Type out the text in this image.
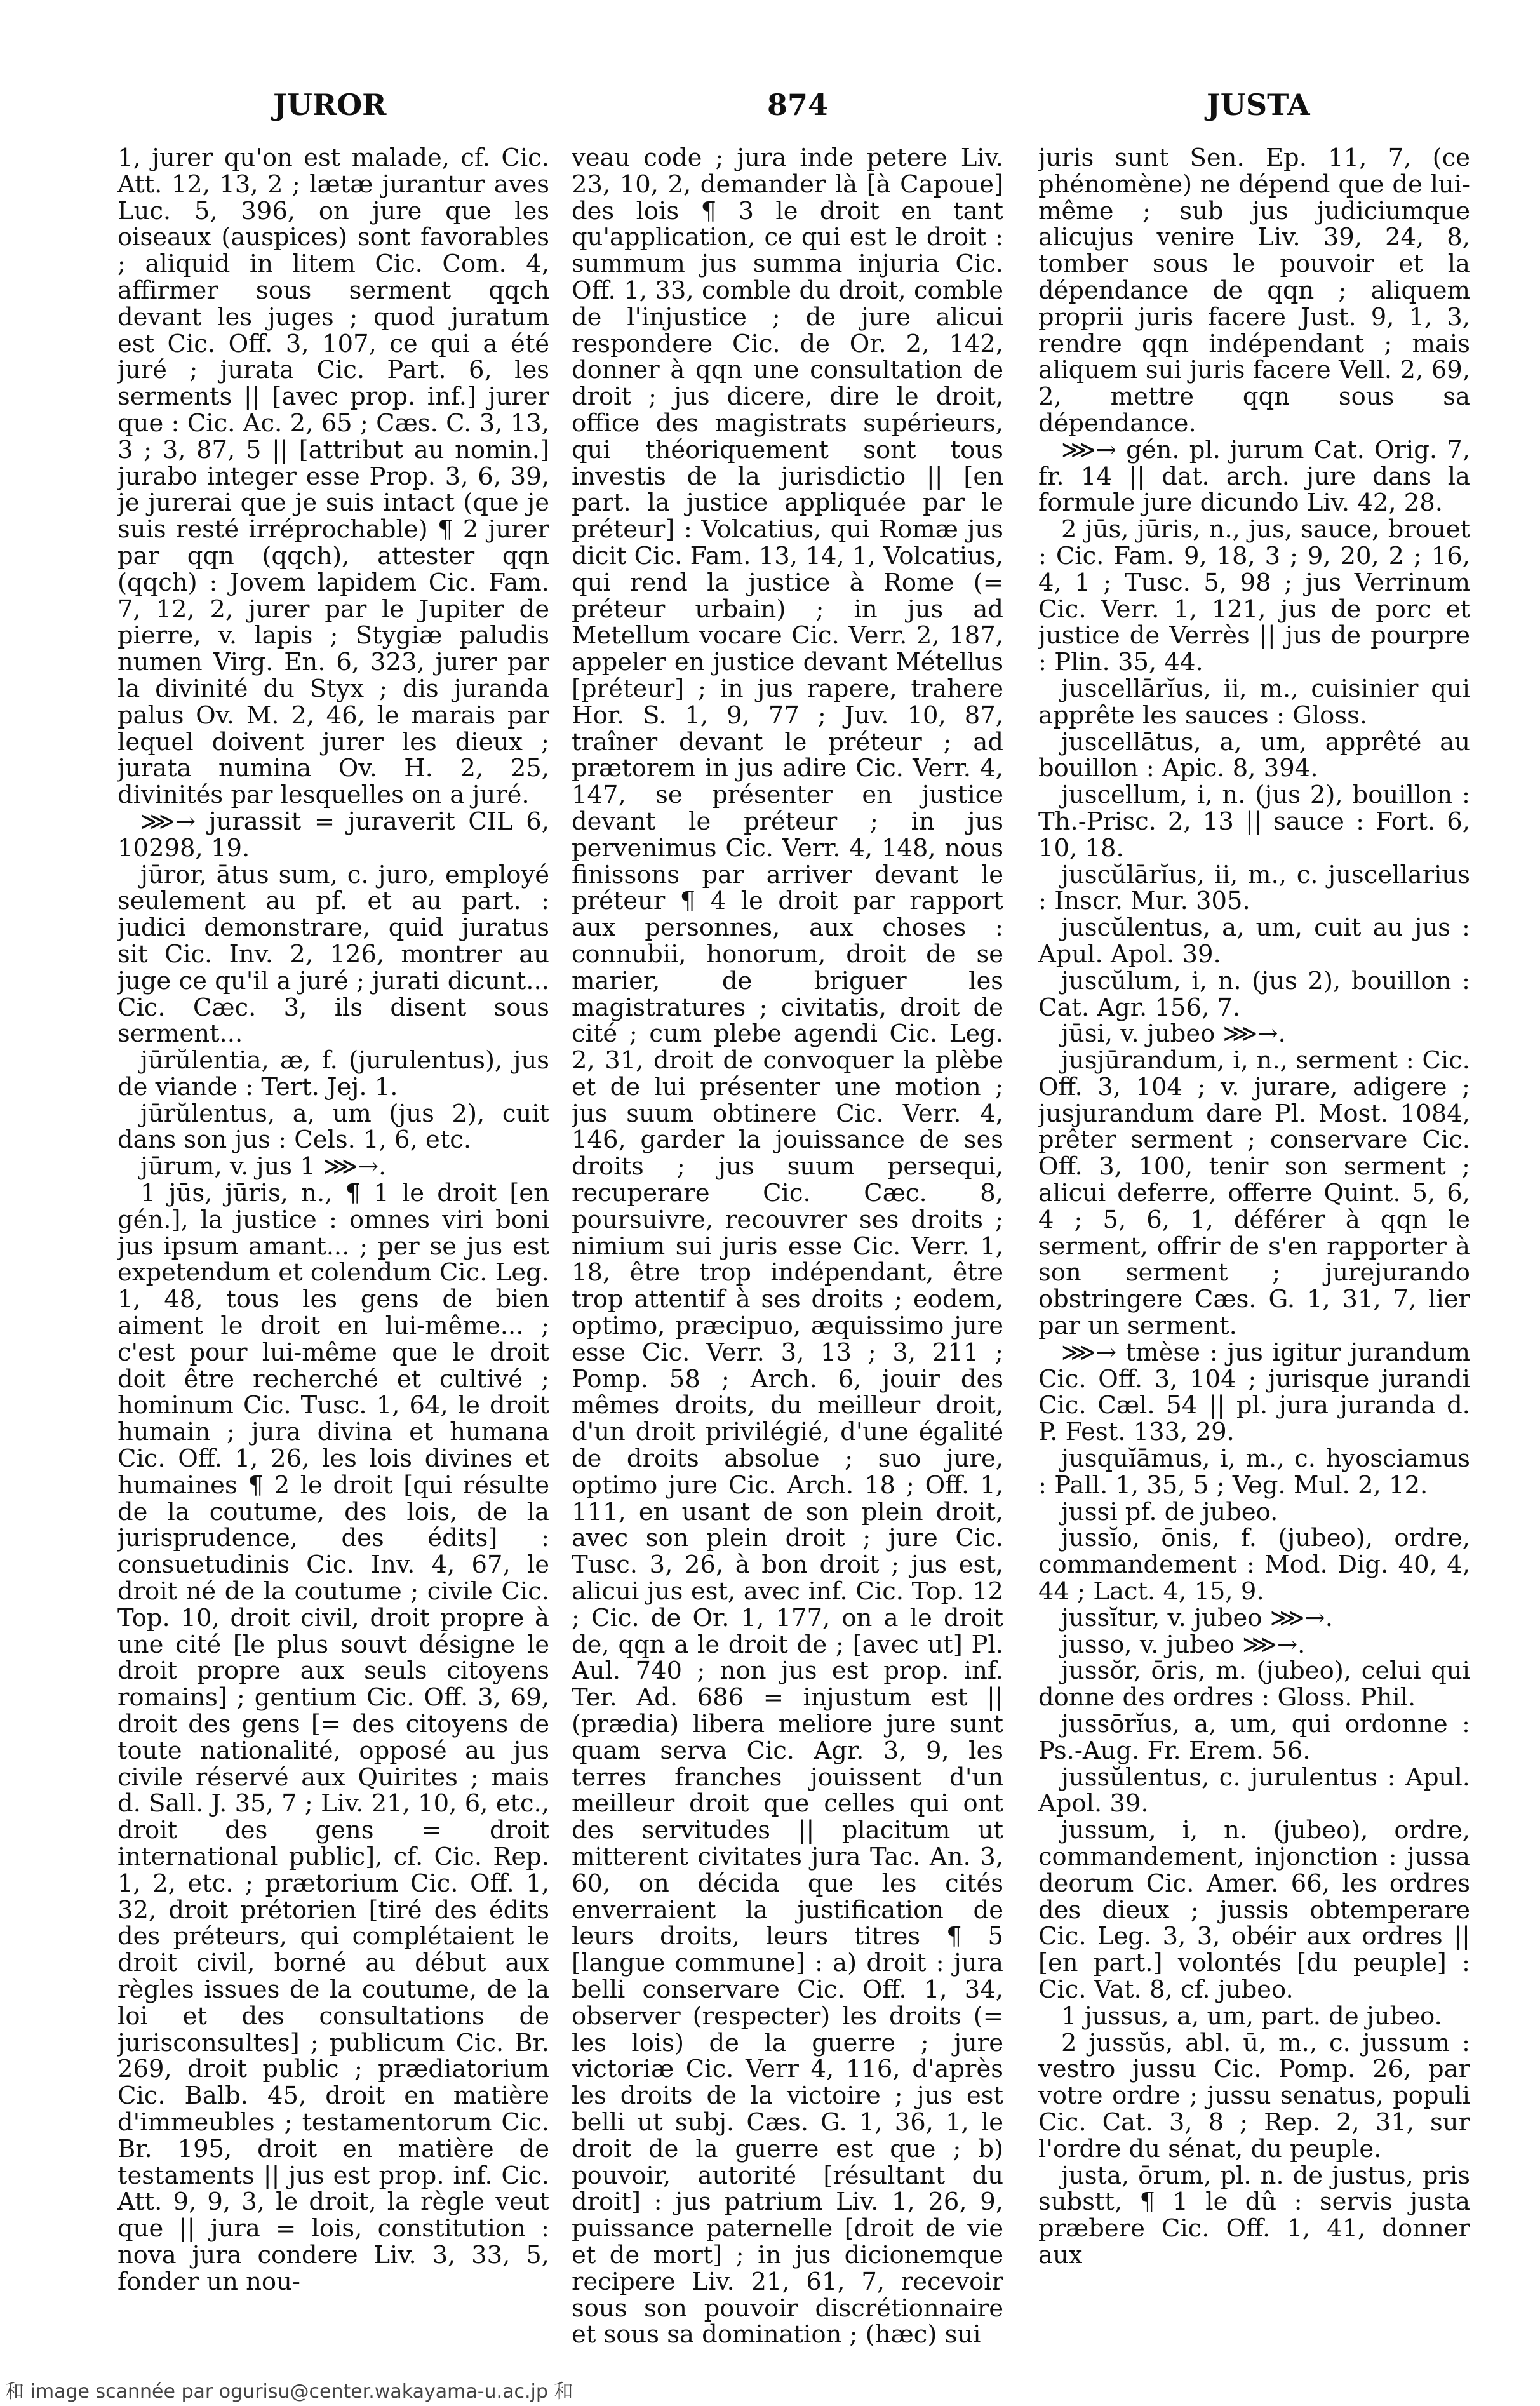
JUROR	874	JUSTA

1, jurer qu'on est malade, cf. Cic. Att. 12, 13, 2 ; lætæ jurantur aves Luc. 5, 396, on jure que les oiseaux (auspices) sont favorables ; aliquid in litem Cic. Com. 4, affirmer sous serment qqch devant les juges ; quod juratum est Cic. Off. 3, 107, ce qui a été juré ; jurata Cic. Part. 6, les serments || [avec prop. inf.] jurer que : Cic. Ac. 2, 65 ; Cæs. C. 3, 13, 3 ; 3, 87, 5 || [attribut au nomin.] jurabo integer esse Prop. 3, 6, 39, je jurerai que je suis intact (que je suis resté irréprochable) ¶ 2 jurer par qqn (qqch), attester qqn (qqch) : Jovem lapidem Cic. Fam. 7, 12, 2, jurer par le Jupiter de pierre, v. lapis ; Stygiæ paludis numen Virg. En. 6, 323, jurer par la divinité du Styx ; dis juranda palus Ov. M. 2, 46, le marais par lequel doivent jurer les dieux ; jurata numina Ov. H. 2, 25, divinités par lesquelles on a juré.

⋙→ jurassit = juraverit CIL 6, 10298, 19.

jūror, ātus sum, c. juro, employé seulement au pf. et au part. : judici demonstrare, quid juratus sit Cic. Inv. 2, 126, montrer au juge ce qu'il a juré ; jurati dicunt... Cic. Cæc. 3, ils disent sous serment...

jūrŭlentia, æ, f. (jurulentus), jus de viande : Tert. Jej. 1.

jūrŭlentus, a, um (jus 2), cuit dans son jus : Cels. 1, 6, etc.

jūrum, v. jus 1 ⋙→.

1 jūs, jūris, n., ¶ 1 le droit [en gén.], la justice : omnes viri boni jus ipsum amant... ; per se jus est expetendum et colendum Cic. Leg. 1, 48, tous les gens de bien aiment le droit en lui-même... ; c'est pour lui-même que le droit doit être recherché et cultivé ; hominum Cic. Tusc. 1, 64, le droit humain ; jura divina et humana Cic. Off. 1, 26, les lois divines et humaines ¶ 2 le droit [qui résulte de la coutume, des lois, de la jurisprudence, des édits] : consuetudinis Cic. Inv. 4, 67, le droit né de la coutume ; civile Cic. Top. 10, droit civil, droit propre à une cité [le plus souvt désigne le droit propre aux seuls citoyens romains] ; gentium Cic. Off. 3, 69, droit des gens [= des citoyens de toute nationalité, opposé au jus civile réservé aux Quirites ; mais d. Sall. J. 35, 7 ; Liv. 21, 10, 6, etc., droit des gens = droit international public], cf. Cic. Rep. 1, 2, etc. ; prætorium Cic. Off. 1, 32, droit prétorien [tiré des édits des préteurs, qui complétaient le droit civil, borné au début aux règles issues de la coutume, de la loi et des consultations de jurisconsultes] ; publicum Cic. Br. 269, droit public ; prædiatorium Cic. Balb. 45, droit en matière d'immeubles ; testamentorum Cic. Br. 195, droit en matière de testaments || jus est prop. inf. Cic. Att. 9, 9, 3, le droit, la règle veut que || jura = lois, constitution : nova jura condere Liv. 3, 33, 5, fonder un nou-

veau code ; jura inde petere Liv. 23, 10, 2, demander là [à Capoue] des lois ¶ 3 le droit en tant qu'application, ce qui est le droit : summum jus summa injuria Cic. Off. 1, 33, comble du droit, comble de l'injustice ; de jure alicui respondere Cic. de Or. 2, 142, donner à qqn une consultation de droit ; jus dicere, dire le droit, office des magistrats supérieurs, qui théoriquement sont tous investis de la jurisdictio || [en part. la justice appliquée par le préteur] : Volcatius, qui Romæ jus dicit Cic. Fam. 13, 14, 1, Volcatius, qui rend la justice à Rome (= préteur urbain) ; in jus ad Metellum vocare Cic. Verr. 2, 187, appeler en justice devant Métellus [préteur] ; in jus rapere, trahere Hor. S. 1, 9, 77 ; Juv. 10, 87, traîner devant le préteur ; ad prætorem in jus adire Cic. Verr. 4, 147, se présenter en justice devant le préteur ; in jus pervenimus Cic. Verr. 4, 148, nous finissons par arriver devant le préteur ¶ 4 le droit par rapport aux personnes, aux choses : connubii, honorum, droit de se marier, de briguer les magistratures ; civitatis, droit de cité ; cum plebe agendi Cic. Leg. 2, 31, droit de convoquer la plèbe et de lui présenter une motion ; jus suum obtinere Cic. Verr. 4, 146, garder la jouissance de ses droits ; jus suum persequi, recuperare Cic. Cæc. 8, poursuivre, recouvrer ses droits ; nimium sui juris esse Cic. Verr. 1, 18, être trop indépendant, être trop attentif à ses droits ; eodem, optimo, præcipuo, æquissimo jure esse Cic. Verr. 3, 13 ; 3, 211 ; Pomp. 58 ; Arch. 6, jouir des mêmes droits, du meilleur droit, d'un droit privilégié, d'une égalité de droits absolue ; suo jure, optimo jure Cic. Arch. 18 ; Off. 1, 111, en usant de son plein droit, avec son plein droit ; jure Cic. Tusc. 3, 26, à bon droit ; jus est, alicui jus est, avec inf. Cic. Top. 12 ; Cic. de Or. 1, 177, on a le droit de, qqn a le droit de ; [avec ut] Pl. Aul. 740 ; non jus est prop. inf. Ter. Ad. 686 = injustum est || (prædia) libera meliore jure sunt quam serva Cic. Agr. 3, 9, les terres franches jouissent d'un meilleur droit que celles qui ont des servitudes || placitum ut mitterent civitates jura Tac. An. 3, 60, on décida que les cités enverraient la justification de leurs droits, leurs titres ¶ 5 [langue commune] : a) droit : jura belli conservare Cic. Off. 1, 34, observer (respecter) les droits (= les lois) de la guerre ; jure victoriæ Cic. Verr 4, 116, d'après les droits de la victoire ; jus est belli ut subj. Cæs. G. 1, 36, 1, le droit de la guerre est que ; b) pouvoir, autorité [résultant du droit] : jus patrium Liv. 1, 26, 9, puissance paternelle [droit de vie et de mort] ; in jus dicionemque recipere Liv. 21, 61, 7, recevoir sous son pouvoir discrétionnaire et sous sa domination ; (hæc) sui

juris sunt Sen. Ep. 11, 7, (ce phénomène) ne dépend que de lui-même ; sub jus judiciumque alicujus venire Liv. 39, 24, 8, tomber sous le pouvoir et la dépendance de qqn ; aliquem proprii juris facere Just. 9, 1, 3, rendre qqn indépendant ; mais aliquem sui juris facere Vell. 2, 69, 2, mettre qqn sous sa dépendance.

⋙→ gén. pl. jurum Cat. Orig. 7, fr. 14 || dat. arch. jure dans la formule jure dicundo Liv. 42, 28.

2 jūs, jūris, n., jus, sauce, brouet : Cic. Fam. 9, 18, 3 ; 9, 20, 2 ; 16, 4, 1 ; Tusc. 5, 98 ; jus Verrinum Cic. Verr. 1, 121, jus de porc et justice de Verrès || jus de pourpre : Plin. 35, 44.

juscellārĭus, ii, m., cuisinier qui apprête les sauces : Gloss.

juscellātus, a, um, apprêté au bouillon : Apic. 8, 394.

juscellum, i, n. (jus 2), bouillon : Th.-Prisc. 2, 13 || sauce : Fort. 6, 10, 18.

juscŭlārĭus, ii, m., c. juscellarius : Inscr. Mur. 305.

juscŭlentus, a, um, cuit au jus : Apul. Apol. 39.

juscŭlum, i, n. (jus 2), bouillon : Cat. Agr. 156, 7.

jūsi, v. jubeo ⋙→.

jusjūrandum, i, n., serment : Cic. Off. 3, 104 ; v. jurare, adigere ; jusjurandum dare Pl. Most. 1084, prêter serment ; conservare Cic. Off. 3, 100, tenir son serment ; alicui deferre, offerre Quint. 5, 6, 4 ; 5, 6, 1, déférer à qqn le serment, offrir de s'en rapporter à son serment ; jurejurando obstringere Cæs. G. 1, 31, 7, lier par un serment.

⋙→ tmèse : jus igitur jurandum Cic. Off. 3, 104 ; jurisque jurandi Cic. Cæl. 54 || pl. jura juranda d. P. Fest. 133, 29.

jusquĭāmus, i, m., c. hyosciamus : Pall. 1, 35, 5 ; Veg. Mul. 2, 12.

jussi pf. de jubeo.

jussĭo, ōnis, f. (jubeo), ordre, commandement : Mod. Dig. 40, 4, 44 ; Lact. 4, 15, 9.

jussĭtur, v. jubeo ⋙→.

jusso, v. jubeo ⋙→.

jussŏr, ōris, m. (jubeo), celui qui donne des ordres : Gloss. Phil.

jussōrĭus, a, um, qui ordonne : Ps.-Aug. Fr. Erem. 56.

jussŭlentus, c. jurulentus : Apul. Apol. 39.

jussum, i, n. (jubeo), ordre, commandement, injonction : jussa deorum Cic. Amer. 66, les ordres des dieux ; jussis obtemperare Cic. Leg. 3, 3, obéir aux ordres || [en part.] volontés [du peuple] : Cic. Vat. 8, cf. jubeo.

1 jussus, a, um, part. de jubeo.

2 jussŭs, abl. ū, m., c. jussum : vestro jussu Cic. Pomp. 26, par votre ordre ; jussu senatus, populi Cic. Cat. 3, 8 ; Rep. 2, 31, sur l'ordre du sénat, du peuple.

justa, ōrum, pl. n. de justus, pris substt, ¶ 1 le dû : servis justa præbere Cic. Off. 1, 41, donner aux

和 image scannée par ogurisu@center.wakayama-u.ac.jp 和
